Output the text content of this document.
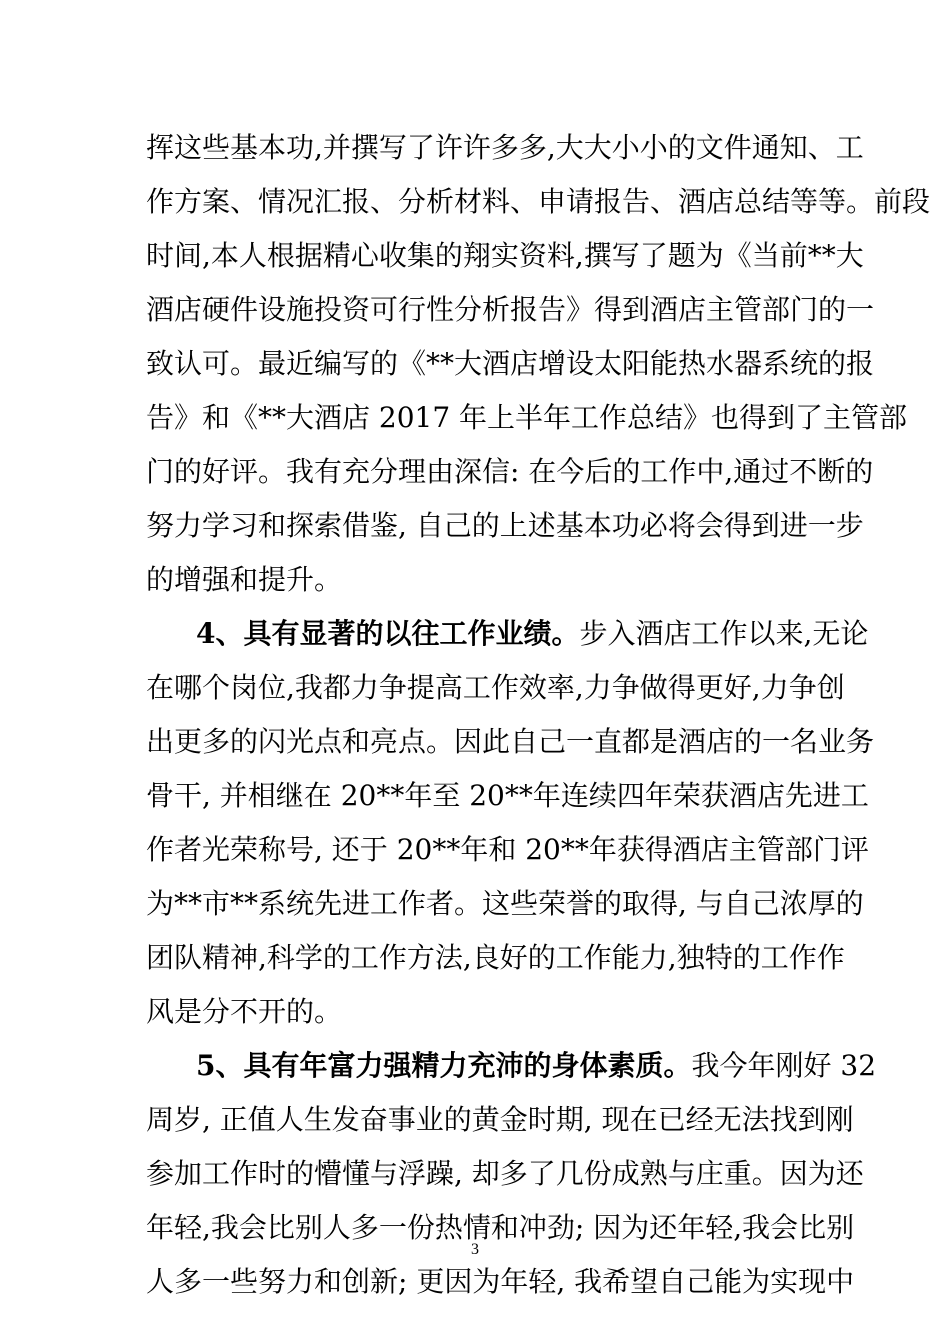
挥这些基本功,并撰写了许许多多,大大小小的文件通知、工
作方案、情况汇报、分析材料、申请报告、酒店总结等等。前段
时间,本人根据精心收集的翔实资料,撰写了题为《当前**大
酒店硬件设施投资可行性分析报告》得到酒店主管部门的一
致认可。最近编写的《**大酒店增设太阳能热水器系统的报
告》和《**大酒店 2017 年上半年工作总结》也得到了主管部
门的好评。我有充分理由深信: 在今后的工作中,通过不断的
努力学习和探索借鉴, 自己的上述基本功必将会得到进一步
的增强和提升。
4、具有显著的以往工作业绩。步入酒店工作以来,无论
在哪个岗位,我都力争提高工作效率,力争做得更好,力争创
出更多的闪光点和亮点。因此自己一直都是酒店的一名业务
骨干, 并相继在 20**年至 20**年连续四年荣获酒店先进工
作者光荣称号, 还于 20**年和 20**年获得酒店主管部门评
为**市**系统先进工作者。这些荣誉的取得, 与自己浓厚的
团队精神,科学的工作方法,良好的工作能力,独特的工作作
风是分不开的。
5、具有年富力强精力充沛的身体素质。我今年刚好 32
周岁, 正值人生发奋事业的黄金时期, 现在已经无法找到刚
参加工作时的懵懂与浮躁, 却多了几份成熟与庄重。因为还
年轻,我会比别人多一份热情和冲劲; 因为还年轻,我会比别
3
人多一些努力和创新; 更因为年轻, 我希望自己能为实现中
